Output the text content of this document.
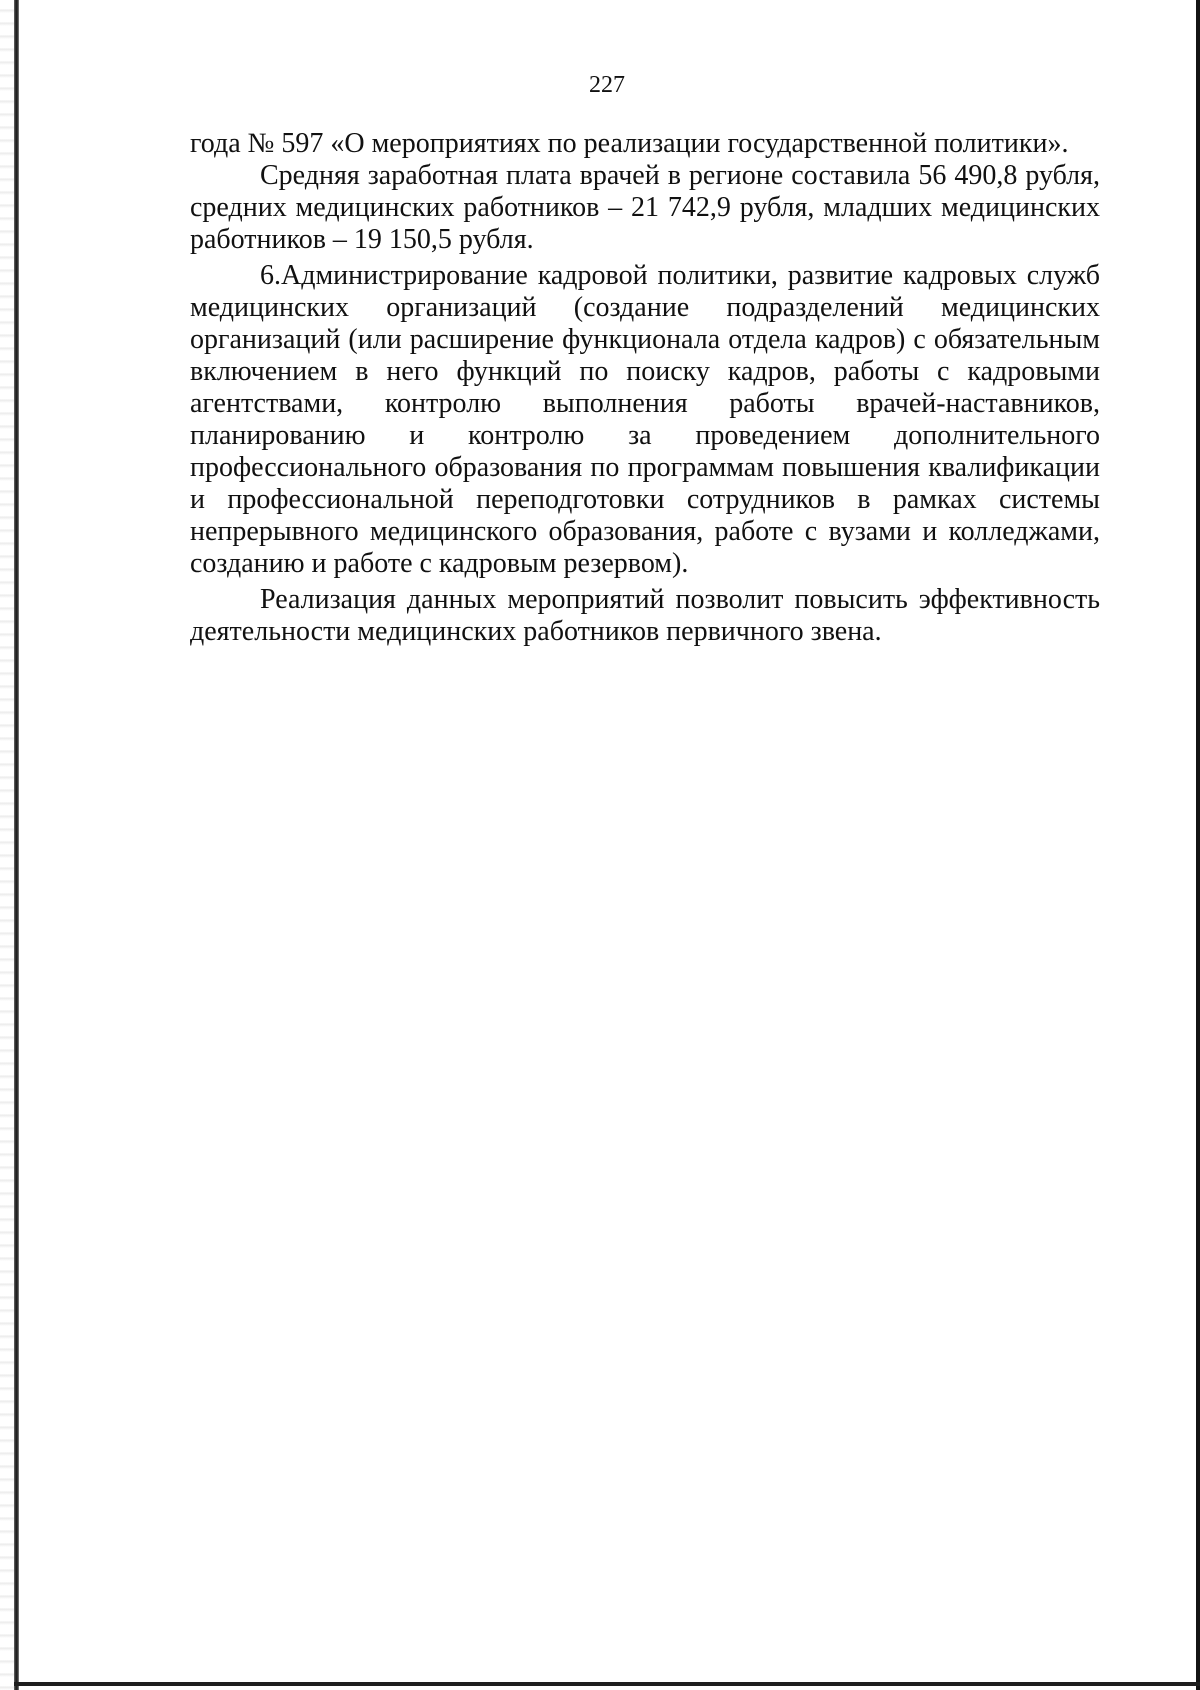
227

года № 597 «О мероприятиях по реализации государственной политики».

Средняя заработная плата врачей в регионе составила 56 490,8 рубля, средних медицинских работников – 21 742,9 рубля, младших медицинских работников – 19 150,5 рубля.

6.Администрирование кадровой политики, развитие кадровых служб медицинских организаций (создание подразделений медицинских организаций (или расширение функционала отдела кадров) с обязательным включением в него функций по поиску кадров, работы с кадровыми агентствами, контролю выполнения работы врачей-наставников, планированию и контролю за проведением дополнительного профессионального образования по программам повышения квалификации и профессиональной переподготовки сотрудников в рамках системы непрерывного медицинского образования, работе с вузами и колледжами, созданию и работе с кадровым резервом).

Реализация данных мероприятий позволит повысить эффективность деятельности медицинских работников первичного звена.
